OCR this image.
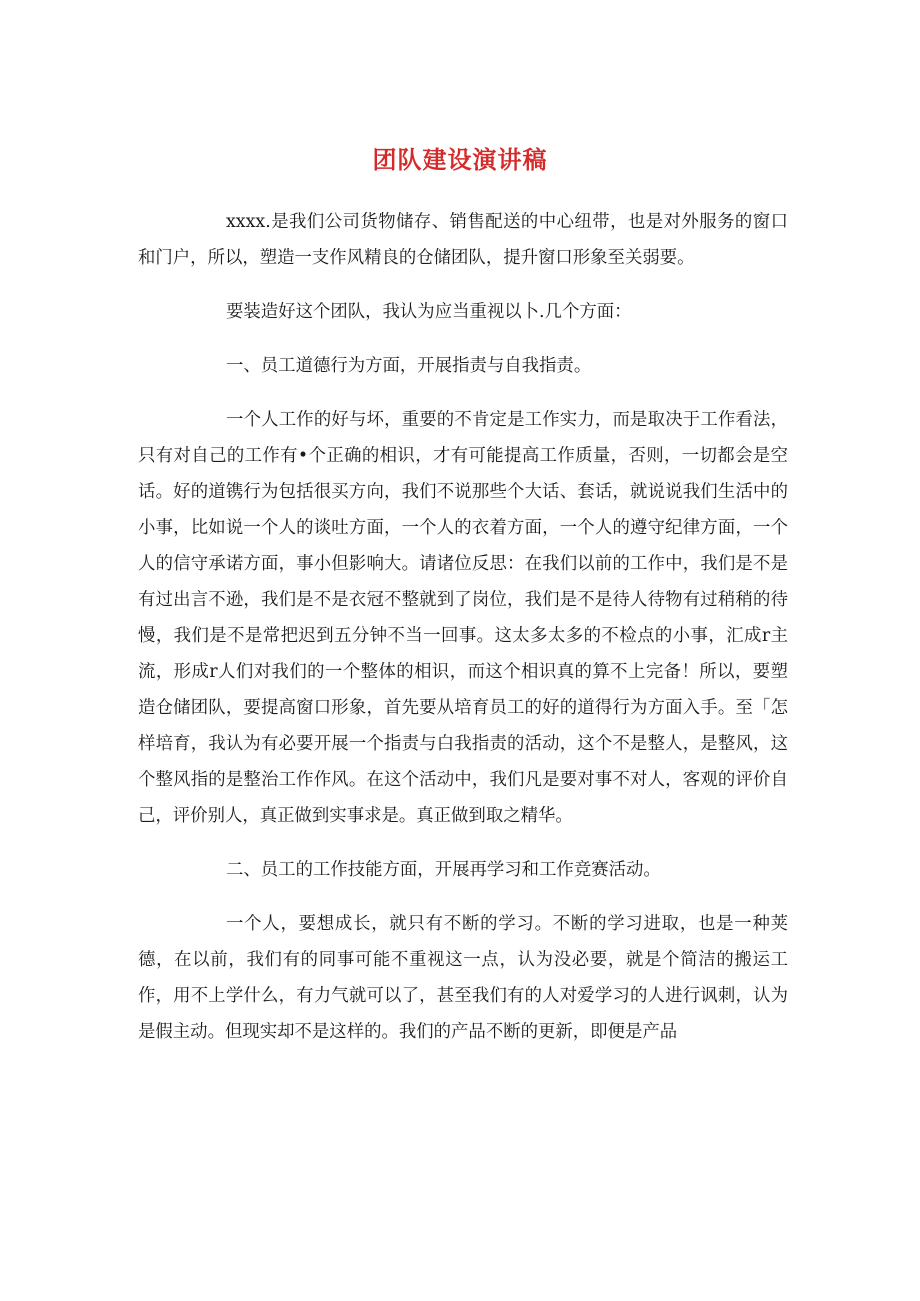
团队建设演讲稿

xxxx.是我们公司货物储存、销售配送的中心纽带，也是对外服务的窗口和门户，所以，塑造一支作风精良的仓储团队，提升窗口形象至关弱要。

要装造好这个团队，我认为应当重视以卜.几个方面：

一、员工道德行为方面，开展指责与自我指责。

一个人工作的好与坏，重要的不肯定是工作实力，而是取决于工作看法，只有对自己的工作有•个正确的相识，才有可能提高工作质量，否则，一切都会是空话。好的道镌行为包括很买方向，我们不说那些个大话、套话，就说说我们生活中的小事，比如说一个人的谈吐方面，一个人的衣着方面，一个人的遵守纪律方面，一个人的信守承诺方面，事小但影响大。请诸位反思：在我们以前的工作中，我们是不是有过出言不逊，我们是不是衣冠不整就到了岗位，我们是不是待人待物有过稍稍的待慢，我们是不是常把迟到五分钟不当一回事。这太多太多的不检点的小事，汇成r主流，形成r人们对我们的一个整体的相识，而这个相识真的算不上完备！所以，要塑造仓储团队，要提高窗口形象，首先要从培育员工的好的道得行为方面入手。至「怎样培育，我认为有必要开展一个指责与白我指责的活动，这个不是整人，是整风，这个整风指的是整治工作作风。在这个活动中，我们凡是要对事不对人，客观的评价自己，评价别人，真正做到实事求是。真正做到取之精华。

二、员工的工作技能方面，开展再学习和工作竞赛活动。

一个人，要想成长，就只有不断的学习。不断的学习进取，也是一种荚德，在以前，我们有的同事可能不重视这一点，认为没必要，就是个简洁的搬运工作，用不上学什么，有力气就可以了，甚至我们有的人对爱学习的人进行讽刺，认为是假主动。但现实却不是这样的。我们的产品不断的更新，即便是产品
